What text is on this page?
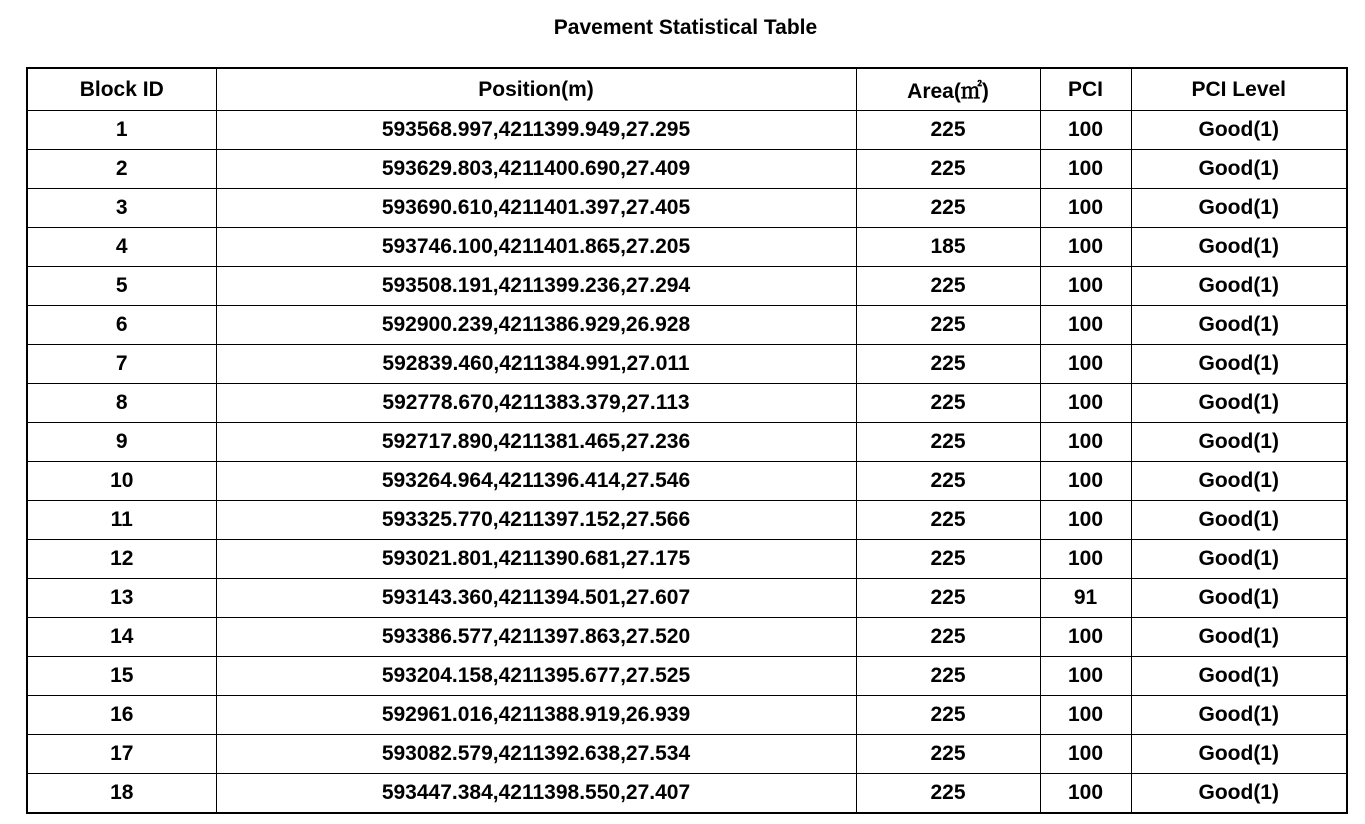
Pavement Statistical Table
Block ID	Position(m)	Area(㎡)	PCI	PCI Level
1	593568.997,4211399.949,27.295	225	100	Good(1)
2	593629.803,4211400.690,27.409	225	100	Good(1)
3	593690.610,4211401.397,27.405	225	100	Good(1)
4	593746.100,4211401.865,27.205	185	100	Good(1)
5	593508.191,4211399.236,27.294	225	100	Good(1)
6	592900.239,4211386.929,26.928	225	100	Good(1)
7	592839.460,4211384.991,27.011	225	100	Good(1)
8	592778.670,4211383.379,27.113	225	100	Good(1)
9	592717.890,4211381.465,27.236	225	100	Good(1)
10	593264.964,4211396.414,27.546	225	100	Good(1)
11	593325.770,4211397.152,27.566	225	100	Good(1)
12	593021.801,4211390.681,27.175	225	100	Good(1)
13	593143.360,4211394.501,27.607	225	91	Good(1)
14	593386.577,4211397.863,27.520	225	100	Good(1)
15	593204.158,4211395.677,27.525	225	100	Good(1)
16	592961.016,4211388.919,26.939	225	100	Good(1)
17	593082.579,4211392.638,27.534	225	100	Good(1)
18	593447.384,4211398.550,27.407	225	100	Good(1)
